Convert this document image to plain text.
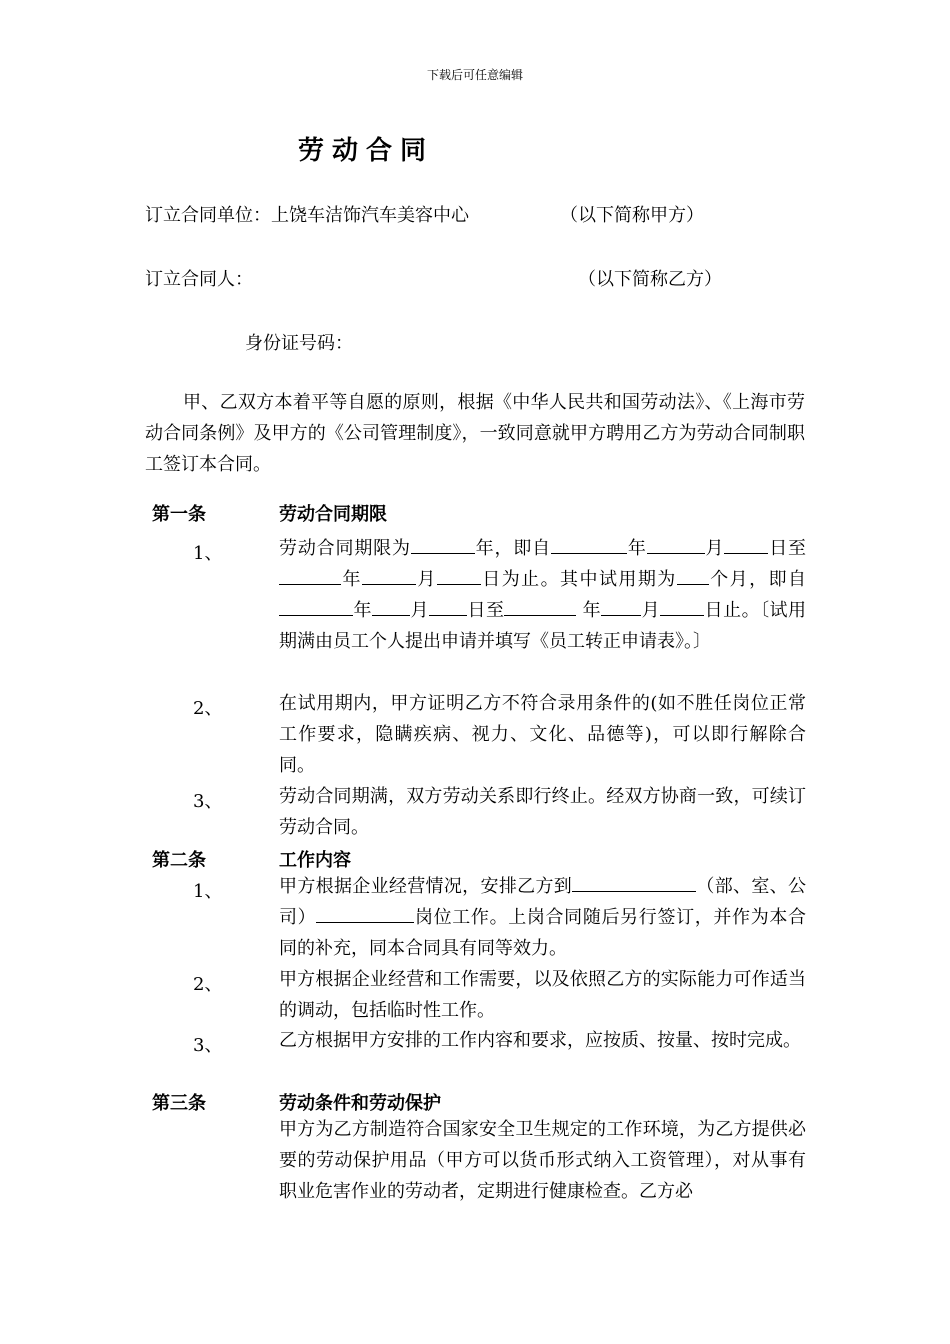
下载后可任意编辑
劳动合同
订立合同单位：上饶车洁饰汽车美容中心	（以下简称甲方）
订立合同人：	（以下简称乙方）
身份证号码：
甲、乙双方本着平等自愿的原则，根据《中华人民共和国劳动法》、《上海市劳动合同条例》及甲方的《公司管理制度》，一致同意就甲方聘用乙方为劳动合同制职工签订本合同。
第一条	劳动合同期限
1、	劳动合同期限为	年，即自	年	月 日至年	月 日为止。其中试用期为 个月，即自年 月 日至	年 月 日止。〔试用期满由员工个人提出申请并填写《员工转正申请表》。〕
2、	在试用期内，甲方证明乙方不符合录用条件的(如不胜任岗位正常工作要求，隐瞒疾病、视力、文化、品德等)，可以即行解除合同。
3、	劳动合同期满，双方劳动关系即行终止。经双方协商一致，可续订劳动合同。
第二条	工作内容
1、	甲方根据企业经营情况，安排乙方到	（部、室、公司）	岗位工作。上岗合同随后另行签订，并作为本合同的补充，同本合同具有同等效力。
2、	甲方根据企业经营和工作需要，以及依照乙方的实际能力可作适当的调动，包括临时性工作。
3、	乙方根据甲方安排的工作内容和要求，应按质、按量、按时完成。
第三条	劳动条件和劳动保护
甲方为乙方制造符合国家安全卫生规定的工作环境，为乙方提供必要的劳动保护用品（甲方可以货币形式纳入工资管理），对从事有职业危害作业的劳动者，定期进行健康检查。乙方必
